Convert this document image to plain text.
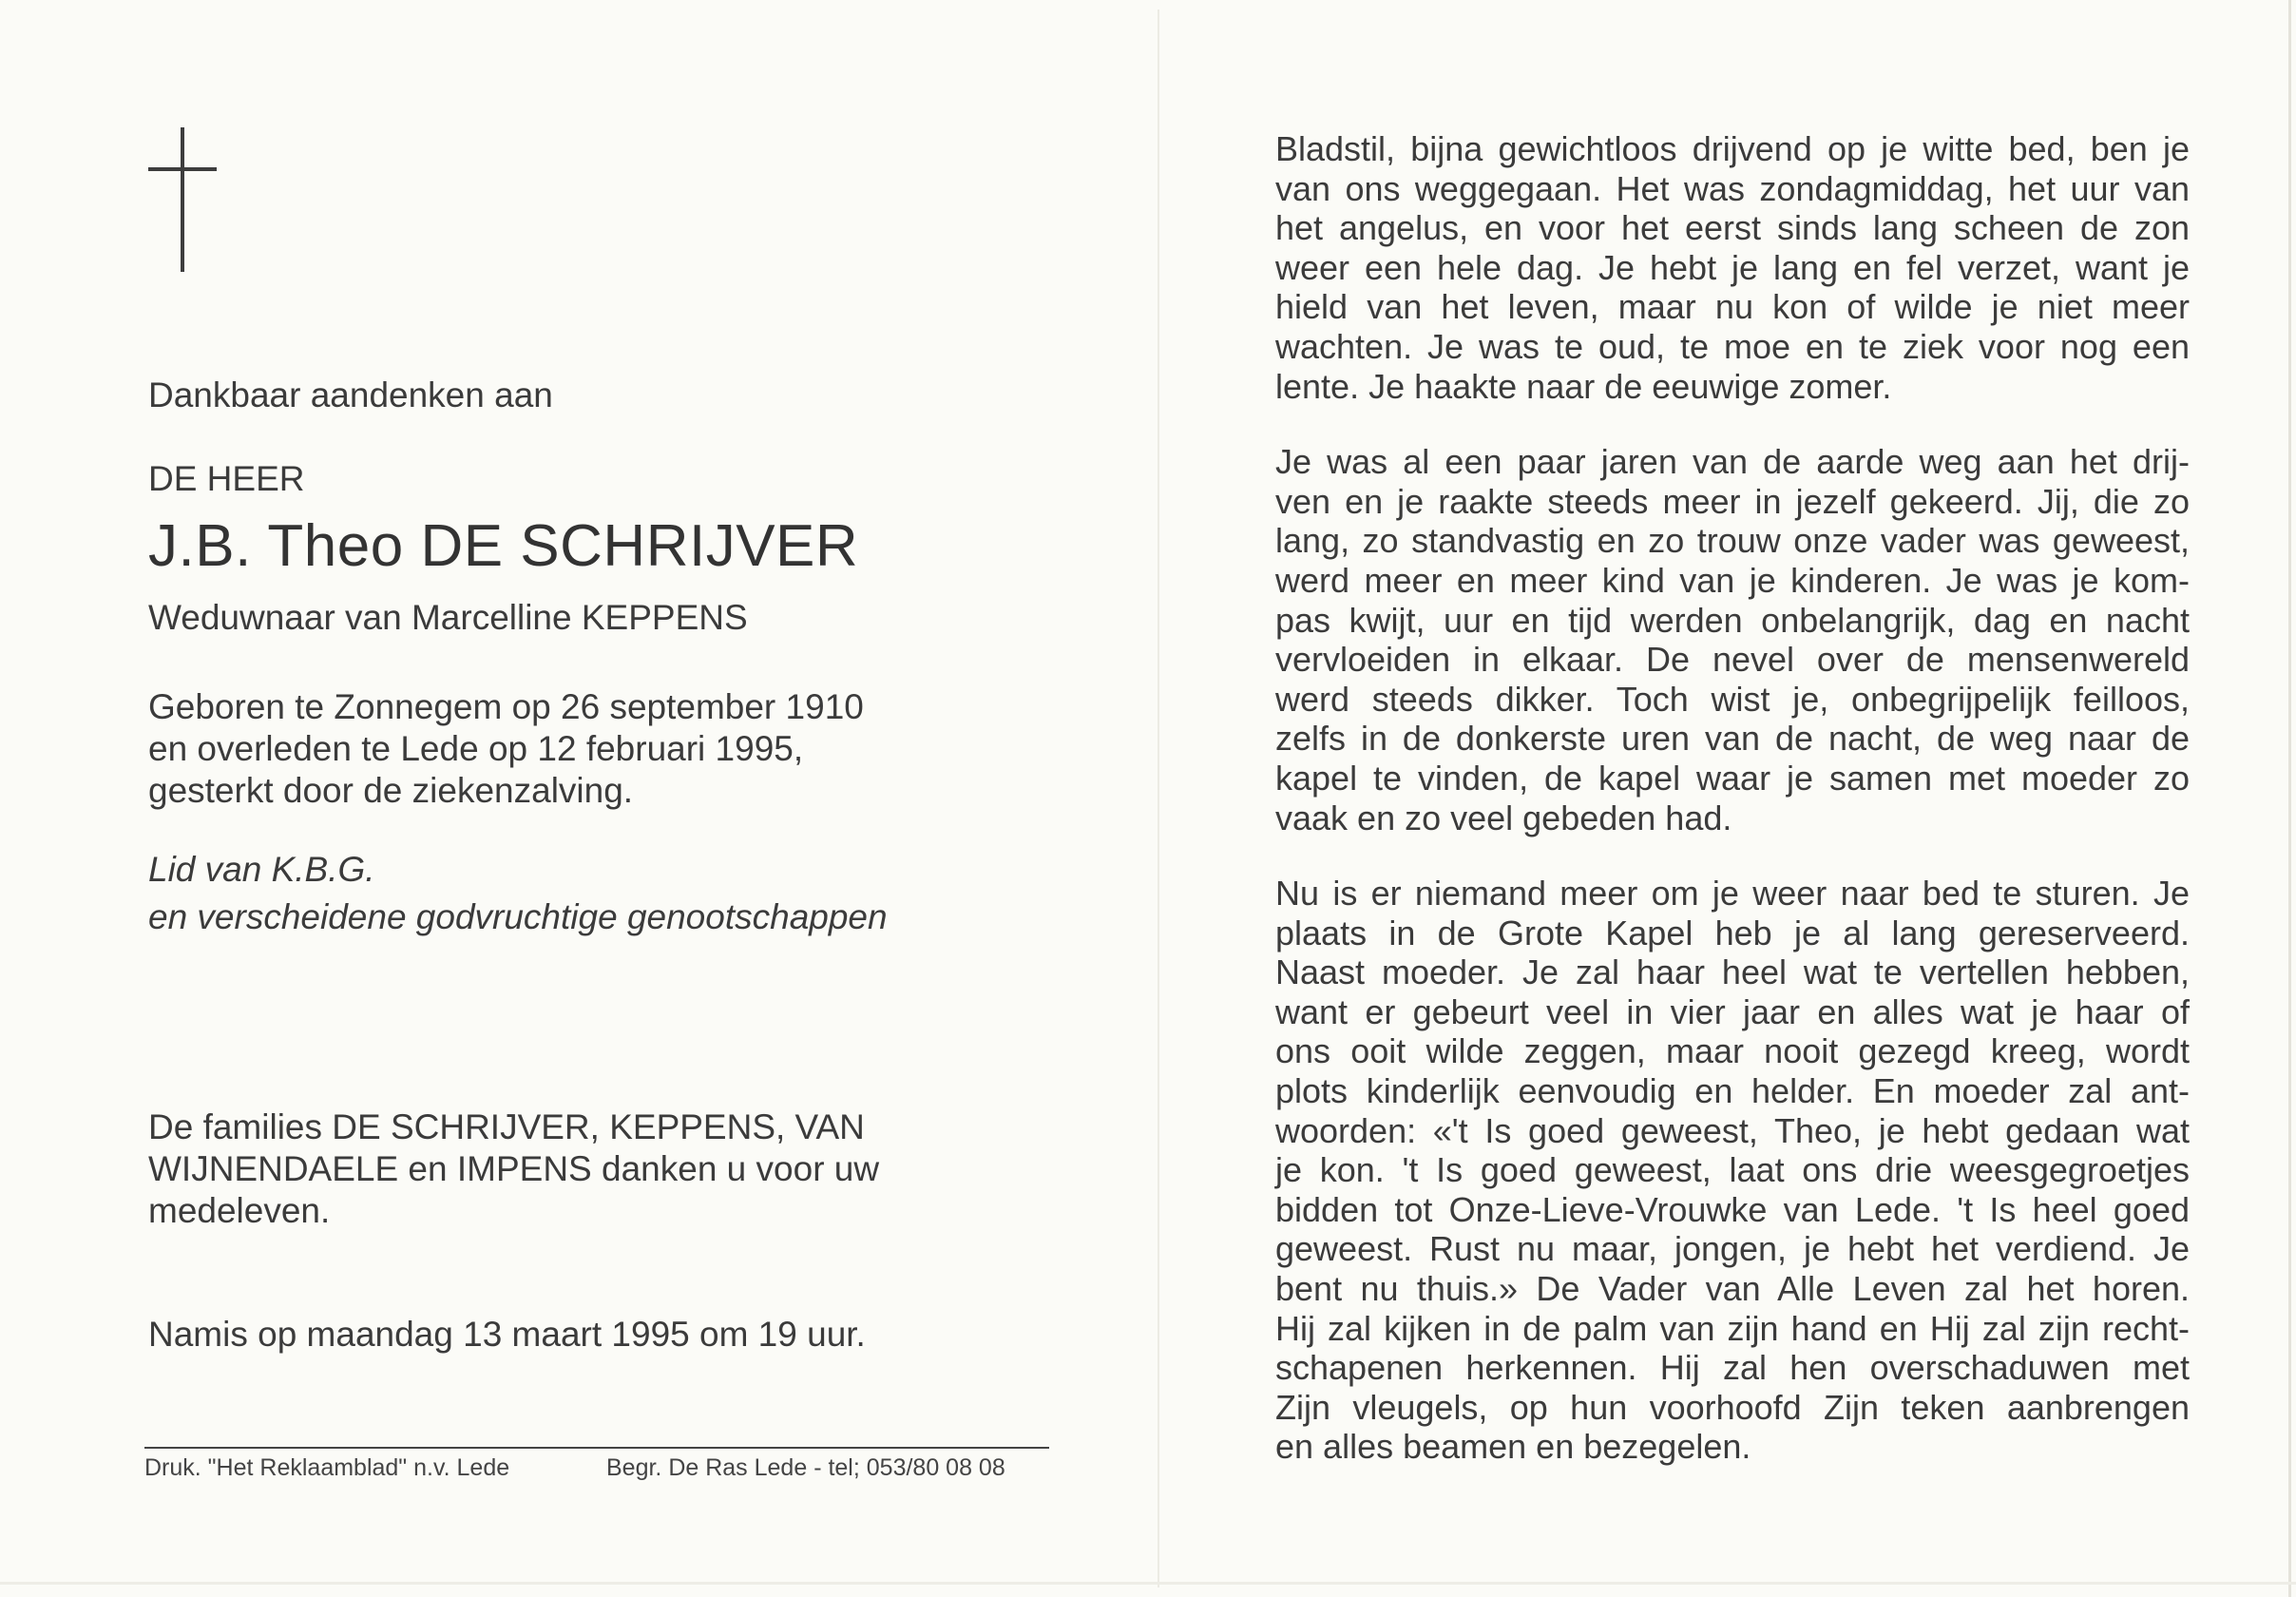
Dankbaar aandenken aan
DE HEER
J.B. Theo DE SCHRIJVER
Weduwnaar van Marcelline KEPPENS
Geboren te Zonnegem op 26 september 1910
en overleden te Lede op 12 februari 1995,
gesterkt door de ziekenzalving.
Lid van K.B.G.
en verscheidene godvruchtige genootschappen
De families DE SCHRIJVER, KEPPENS, VAN
WIJNENDAELE en IMPENS danken u voor uw
medeleven.
Namis op maandag 13 maart 1995 om 19 uur.
Druk. "Het Reklaamblad" n.v. Lede	Begr. De Ras Lede - tel; 053/80 08 08
Bladstil, bijna gewichtloos drijvend op je witte bed, ben je
van ons weggegaan. Het was zondagmiddag, het uur van
het angelus, en voor het eerst sinds lang scheen de zon
weer een hele dag. Je hebt je lang en fel verzet, want je
hield van het leven, maar nu kon of wilde je niet meer
wachten. Je was te oud, te moe en te ziek voor nog een
lente. Je haakte naar de eeuwige zomer.
Je was al een paar jaren van de aarde weg aan het drij-
ven en je raakte steeds meer in jezelf gekeerd. Jij, die zo
lang, zo standvastig en zo trouw onze vader was geweest,
werd meer en meer kind van je kinderen. Je was je kom-
pas kwijt, uur en tijd werden onbelangrijk, dag en nacht
vervloeiden in elkaar. De nevel over de mensenwereld
werd steeds dikker. Toch wist je, onbegrijpelijk feilloos,
zelfs in de donkerste uren van de nacht, de weg naar de
kapel te vinden, de kapel waar je samen met moeder zo
vaak en zo veel gebeden had.
Nu is er niemand meer om je weer naar bed te sturen. Je
plaats in de Grote Kapel heb je al lang gereserveerd.
Naast moeder. Je zal haar heel wat te vertellen hebben,
want er gebeurt veel in vier jaar en alles wat je haar of
ons ooit wilde zeggen, maar nooit gezegd kreeg, wordt
plots kinderlijk eenvoudig en helder. En moeder zal ant-
woorden: «'t Is goed geweest, Theo, je hebt gedaan wat
je kon. 't Is goed geweest, laat ons drie weesgegroetjes
bidden tot Onze-Lieve-Vrouwke van Lede. 't Is heel goed
geweest. Rust nu maar, jongen, je hebt het verdiend. Je
bent nu thuis.» De Vader van Alle Leven zal het horen.
Hij zal kijken in de palm van zijn hand en Hij zal zijn recht-
schapenen herkennen. Hij zal hen overschaduwen met
Zijn vleugels, op hun voorhoofd Zijn teken aanbrengen
en alles beamen en bezegelen.
